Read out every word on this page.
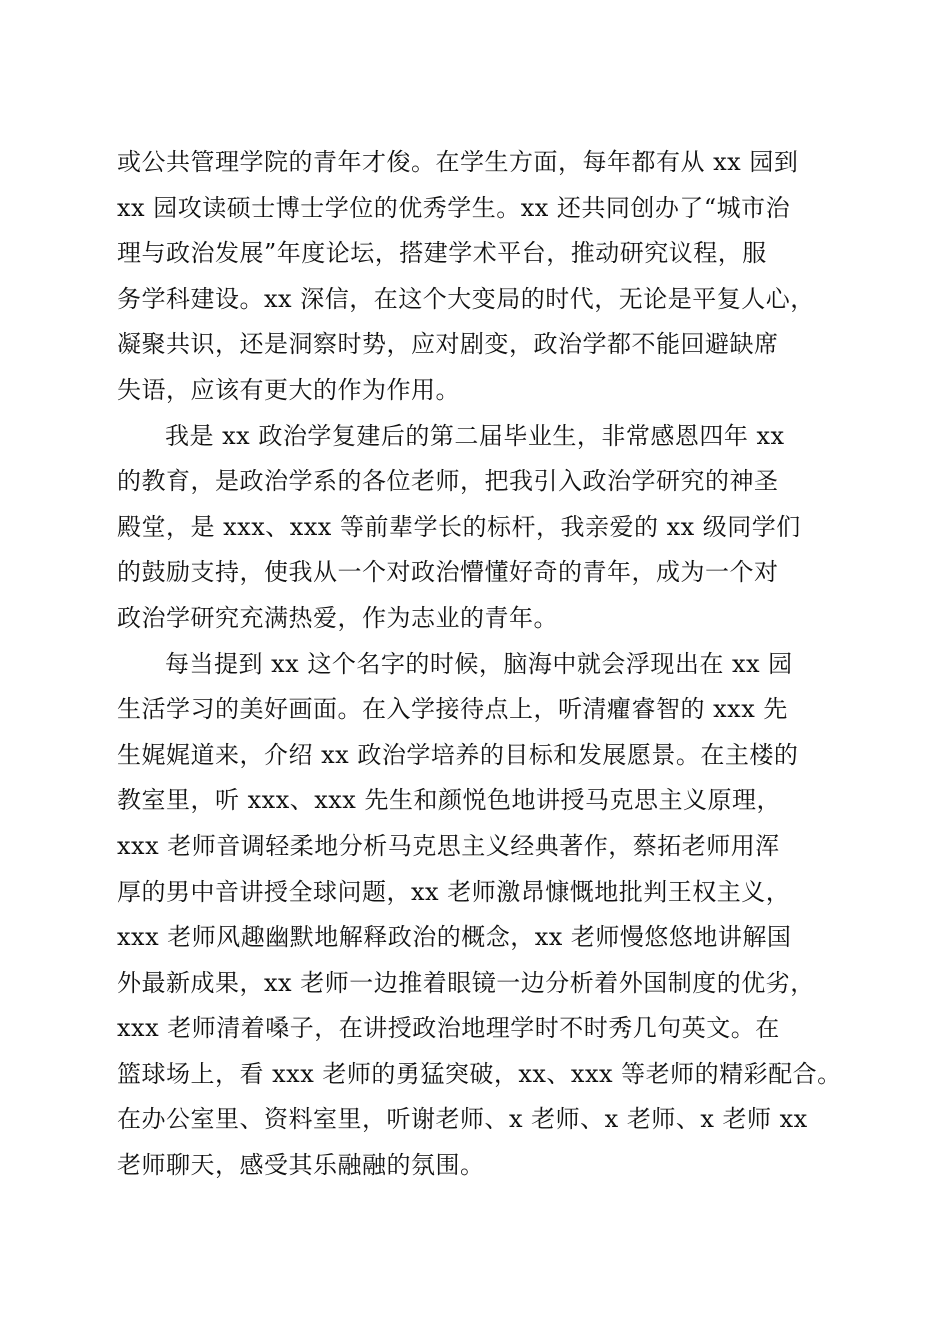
或公共管理学院的青年才俊。在学生方面，每年都有从 xx 园到
xx 园攻读硕士博士学位的优秀学生。xx 还共同创办了“城市治
理与政治发展”年度论坛，搭建学术平台，推动研究议程，服
务学科建设。xx 深信，在这个大变局的时代，无论是平复人心，
凝聚共识，还是洞察时势，应对剧变，政治学都不能回避缺席
失语，应该有更大的作为作用。
我是 xx 政治学复建后的第二届毕业生，非常感恩四年 xx
的教育，是政治学系的各位老师，把我引入政治学研究的神圣
殿堂，是 xxx、xxx 等前辈学长的标杆，我亲爱的 xx 级同学们
的鼓励支持，使我从一个对政治懵懂好奇的青年，成为一个对
政治学研究充满热爱，作为志业的青年。
每当提到 xx 这个名字的时候，脑海中就会浮现出在 xx 园
生活学习的美好画面。在入学接待点上，听清癯睿智的 xxx 先
生娓娓道来，介绍 xx 政治学培养的目标和发展愿景。在主楼的
教室里，听 xxx、xxx 先生和颜悦色地讲授马克思主义原理，
xxx 老师音调轻柔地分析马克思主义经典著作，蔡拓老师用浑
厚的男中音讲授全球问题，xx 老师激昂慷慨地批判王权主义，
xxx 老师风趣幽默地解释政治的概念，xx 老师慢悠悠地讲解国
外最新成果，xx 老师一边推着眼镜一边分析着外国制度的优劣，
xxx 老师清着嗓子，在讲授政治地理学时不时秀几句英文。在
篮球场上，看 xxx 老师的勇猛突破，xx、xxx 等老师的精彩配合。
在办公室里、资料室里，听谢老师、x 老师、x 老师、x 老师 xx
老师聊天，感受其乐融融的氛围。
